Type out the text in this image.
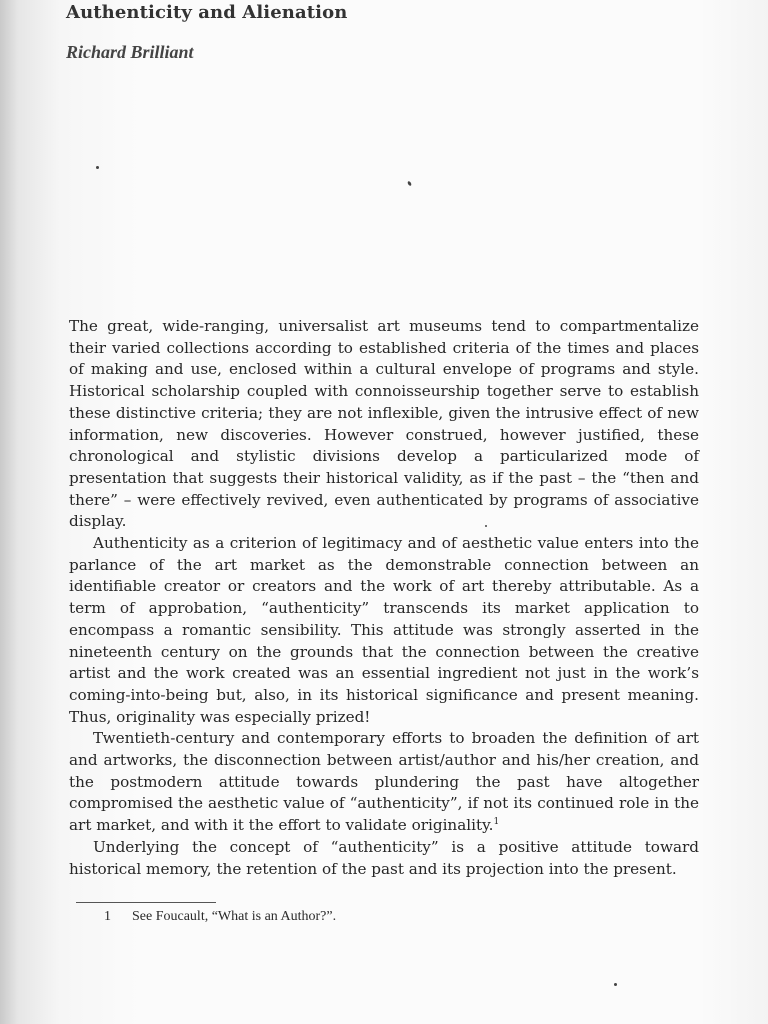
Authenticity and Alienation
Richard Brilliant

The great, wide-ranging, universalist art museums tend to compartmentalize their varied collections according to established criteria of the times and places of making and use, enclosed within a cultural envelope of programs and style. Historical scholarship coupled with connoisseurship together serve to establish these distinctive criteria; they are not inflexible, given the intrusive effect of new information, new discoveries. However construed, however justified, these chronological and stylistic divisions develop a particularized mode of presentation that suggests their historical validity, as if the past – the “then and there” – were effectively revived, even authenticated by programs of associative display.

Authenticity as a criterion of legitimacy and of aesthetic value enters into the parlance of the art market as the demonstrable connection between an identifiable creator or creators and the work of art thereby attributable. As a term of approbation, “authenticity” transcends its market application to encompass a romantic sensibility. This attitude was strongly asserted in the nineteenth century on the grounds that the connection between the creative artist and the work created was an essential ingredient not just in the work’s coming-into-being but, also, in its historical significance and present meaning. Thus, originality was especially prized!

Twentieth-century and contemporary efforts to broaden the definition of art and artworks, the disconnection between artist/author and his/her creation, and the postmodern attitude towards plundering the past have altogether compromised the aesthetic value of “authenticity”, if not its continued role in the art market, and with it the effort to validate originality.$^1$

Underlying the concept of “authenticity” is a positive attitude toward historical memory, the retention of the past and its projection into the present.

1 See Foucault, “What is an Author?”.
